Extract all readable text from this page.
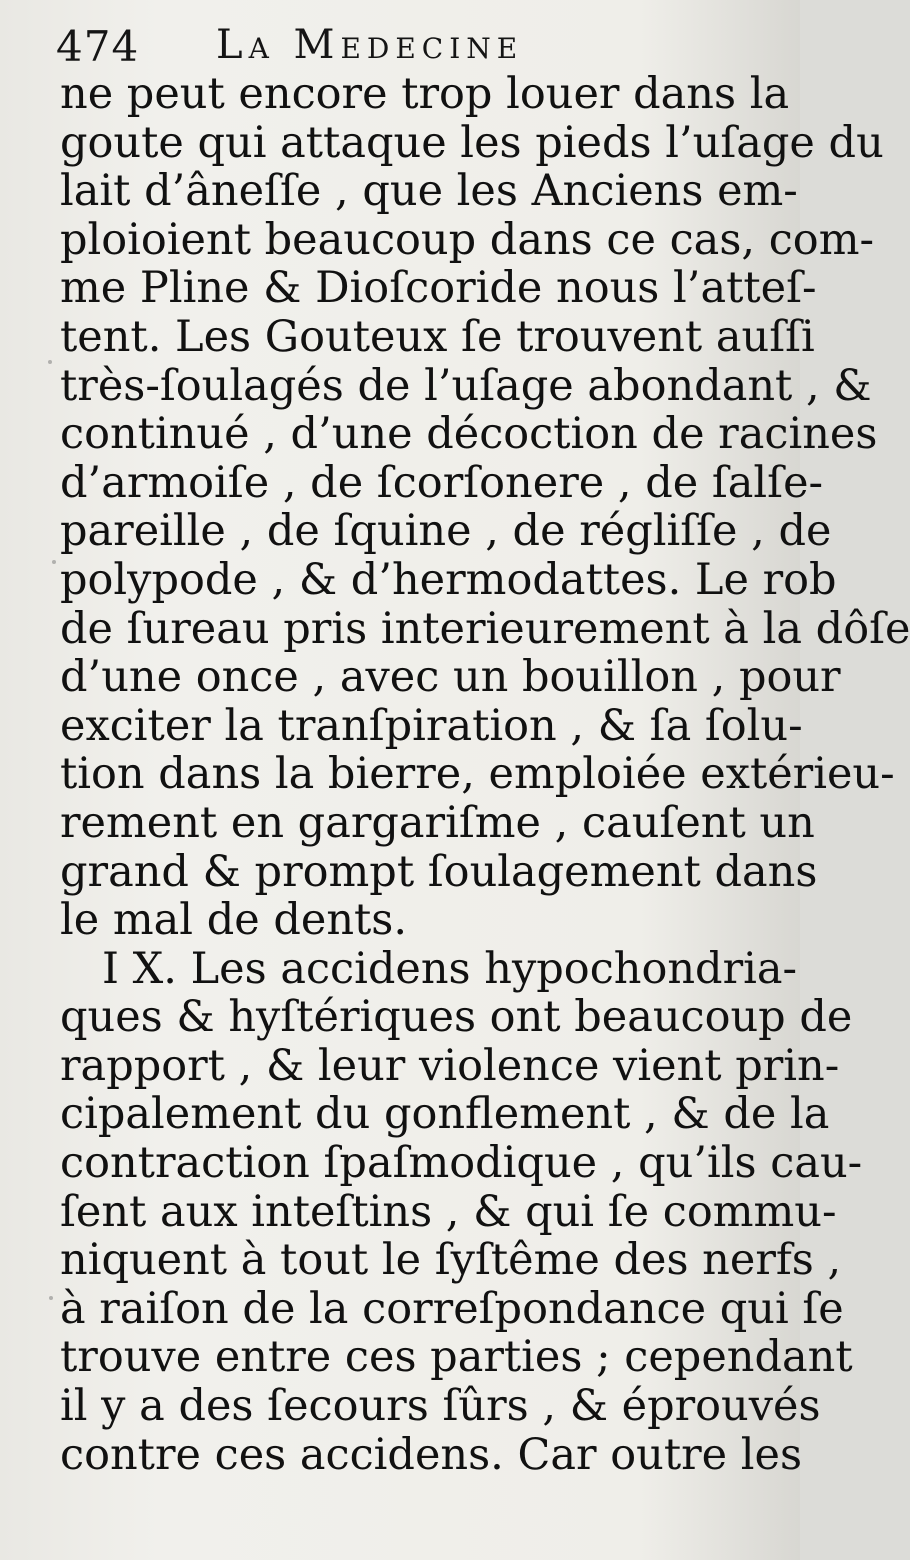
474 La Medecine
ne peut encore trop louer dans la
goute qui attaque les pieds l’uſage du
lait d’âneſſe , que les Anciens em-
ploioient beaucoup dans ce cas, com-
me Pline & Dioſcoride nous l’atteſ-
tent. Les Gouteux ſe trouvent auſſi
très-ſoulagés de l’uſage abondant , &
continué , d’une décoction de racines
d’armoiſe , de ſcorſonere , de ſalſe-
pareille , de ſquine , de régliſſe , de
polypode , & d’hermodattes. Le rob
de ſureau pris interieurement à la dôſe
d’une once , avec un bouillon , pour
exciter la tranſpiration , & ſa ſolu-
tion dans la bierre, emploiée extérieu-
rement en gargariſme , cauſent un
grand & prompt ſoulagement dans
le mal de dents.
I X. Les accidens hypochondria-
ques & hyſtériques ont beaucoup de
rapport , & leur violence vient prin-
cipalement du gonflement , & de la
contraction ſpaſmodique , qu’ils cau-
ſent aux inteſtins , & qui ſe commu-
niquent à tout le ſyſtême des nerfs ,
à raiſon de la correſpondance qui ſe
trouve entre ces parties ; cependant
il y a des ſecours ſûrs , & éprouvés
contre ces accidens. Car outre les
